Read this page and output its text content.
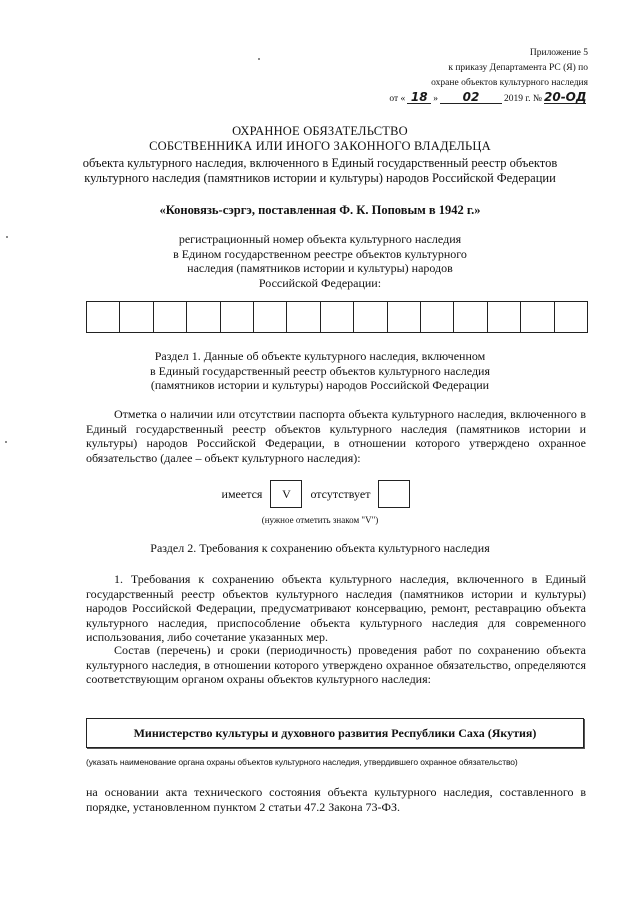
Приложение 5
к приказу Департамента РС (Я) по
охране объектов культурного наследия
от « 18 »	02	2019 г. № 20-ОД
ОХРАННОЕ ОБЯЗАТЕЛЬСТВО
СОБСТВЕННИКА ИЛИ ИНОГО ЗАКОННОГО ВЛАДЕЛЬЦА
объекта культурного наследия, включенного в Единый государственный реестр объектов
культурного наследия (памятников истории и культуры) народов Российской Федерации
«Коновязь-сэргэ, поставленная Ф. К. Поповым в 1942 г.»
регистрационный номер объекта культурного наследия
в Едином государственном реестре объектов культурного
наследия (памятников истории и культуры) народов
Российской Федерации:
Раздел 1. Данные об объекте культурного наследия, включенном
в Единый государственный реестр объектов культурного наследия
(памятников истории и культуры) народов Российской Федерации
Отметка о наличии или отсутствии паспорта объекта культурного наследия, включенного в Единый государственный реестр объектов культурного наследия (памятников истории и культуры) народов Российской Федерации, в отношении которого утверждено охранное обязательство (далее – объект культурного наследия):
имеется	V	отсутствует
(нужное отметить знаком "V")
Раздел 2. Требования к сохранению объекта культурного наследия
1. Требования к сохранению объекта культурного наследия, включенного в Единый государственный реестр объектов культурного наследия (памятников истории и культуры) народов Российской Федерации, предусматривают консервацию, ремонт, реставрацию объекта культурного наследия, приспособление объекта культурного наследия для современного использования, либо сочетание указанных мер.
Состав (перечень) и сроки (периодичность) проведения работ по сохранению объекта культурного наследия, в отношении которого утверждено охранное обязательство, определяются соответствующим органом охраны объектов культурного наследия:
Министерство культуры и духовного развития Республики Саха (Якутия)
(указать наименование органа охраны объектов культурного наследия, утвердившего охранное обязательство)
на основании акта технического состояния объекта культурного наследия, составленного в порядке, установленном пунктом 2 статьи 47.2 Закона 73-ФЗ.
